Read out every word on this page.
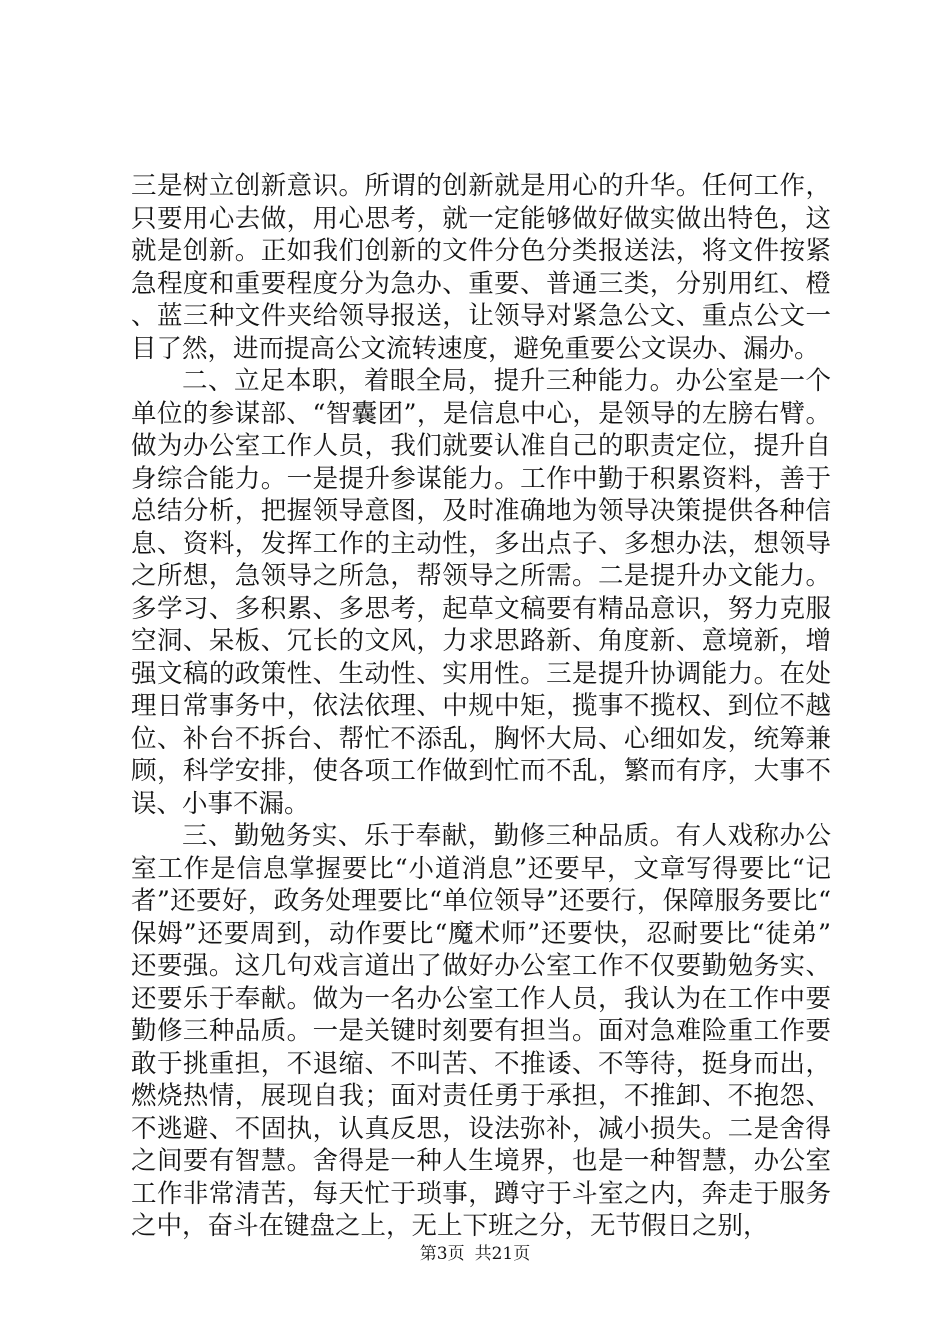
三是树立创新意识。所谓的创新就是用心的升华。任何工作，只要用心去做，用心思考，就一定能够做好做实做出特色，这就是创新。正如我们创新的文件分色分类报送法，将文件按紧急程度和重要程度分为急办、重要、普通三类，分别用红、橙、蓝三种文件夹给领导报送，让领导对紧急公文、重点公文一目了然，进而提高公文流转速度，避免重要公文误办、漏办。

二、立足本职，着眼全局，提升三种能力。办公室是一个单位的参谋部、“智囊团”，是信息中心，是领导的左膀右臂。做为办公室工作人员，我们就要认准自己的职责定位，提升自身综合能力。一是提升参谋能力。工作中勤于积累资料，善于总结分析，把握领导意图，及时准确地为领导决策提供各种信息、资料，发挥工作的主动性，多出点子、多想办法，想领导之所想，急领导之所急，帮领导之所需。二是提升办文能力。多学习、多积累、多思考，起草文稿要有精品意识，努力克服空洞、呆板、冗长的文风，力求思路新、角度新、意境新，增强文稿的政策性、生动性、实用性。三是提升协调能力。在处理日常事务中，依法依理、中规中矩，揽事不揽权、到位不越位、补台不拆台、帮忙不添乱，胸怀大局、心细如发，统筹兼顾，科学安排，使各项工作做到忙而不乱，繁而有序，大事不误、小事不漏。

三、勤勉务实、乐于奉献，勤修三种品质。有人戏称办公室工作是信息掌握要比“小道消息”还要早，文章写得要比“记者”还要好，政务处理要比“单位领导”还要行，保障服务要比“保姆”还要周到，动作要比“魔术师”还要快，忍耐要比“徒弟”还要强。这几句戏言道出了做好办公室工作不仅要勤勉务实、还要乐于奉献。做为一名办公室工作人员，我认为在工作中要勤修三种品质。一是关键时刻要有担当。面对急难险重工作要敢于挑重担，不退缩、不叫苦、不推诿、不等待，挺身而出，燃烧热情，展现自我；面对责任勇于承担，不推卸、不抱怨、不逃避、不固执，认真反思，设法弥补，减小损失。二是舍得之间要有智慧。舍得是一种人生境界，也是一种智慧，办公室工作非常清苦，每天忙于琐事，蹲守于斗室之内，奔走于服务之中，奋斗在键盘之上，无上下班之分，无节假日之别，

第3页 共21页
